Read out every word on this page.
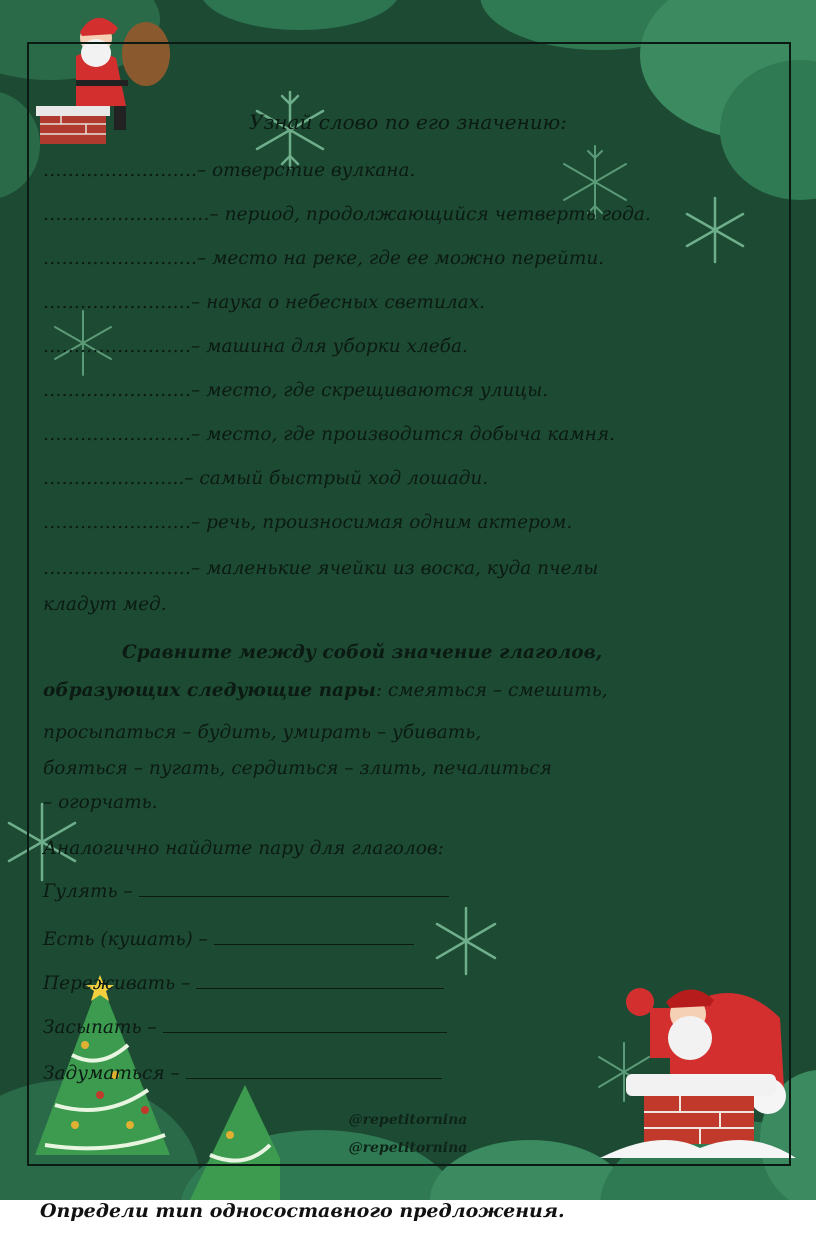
Узнай слово по его значению:
…………………….– отверстие вулкана.
………………………– период, продолжающийся четверть года.
…………………….– место на реке, где ее можно перейти.
……………………– наука о небесных светилах.
……………………– машина для уборки хлеба.
……………………– место, где скрещиваются улицы.
……………………– место, где производится добыча камня.
…………………..– самый быстрый ход лошади.
……………………– речь, произносимая одним актером.
……………………– маленькие ячейки из воска, куда пчелы
кладут мед.
Сравните между собой значение глаголов,
образующих следующие пары: смеяться – смешить,
просыпаться – будить, умирать – убивать,
бояться – пугать, сердиться – злить, печалиться
– огорчать.
Аналогично найдите пару для глаголов:
Гулять –
Есть (кушать) –
Переживать –
Засыпать –
Задуматься –
@repetitornina
@repetitornina
Определи тип односоставного предложения.
